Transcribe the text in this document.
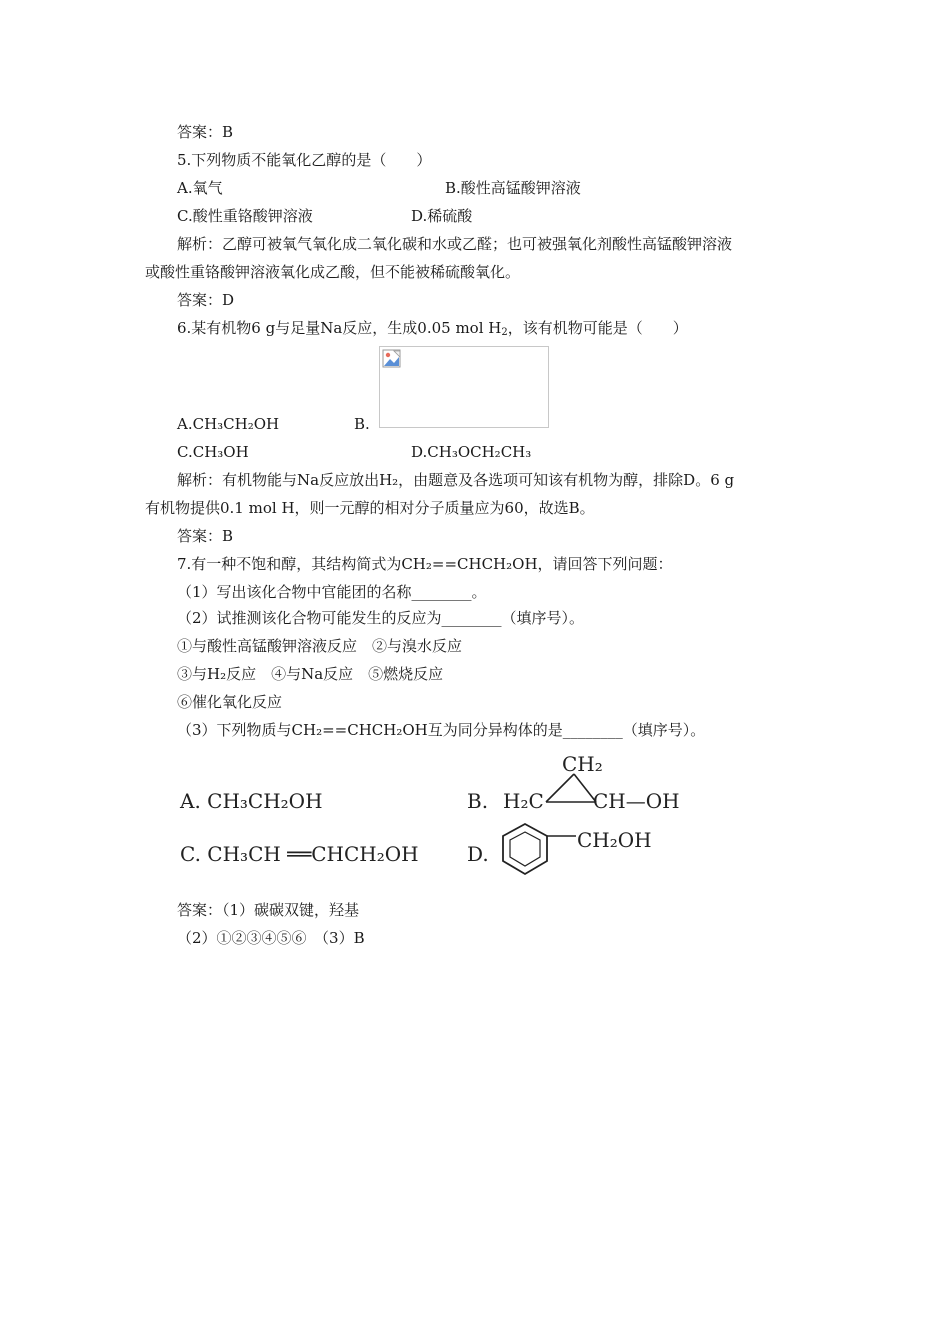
答案：B
5.下列物质不能氧化乙醇的是（　　）
A.氧气	B.酸性高锰酸钾溶液
C.酸性重铬酸钾溶液	D.稀硫酸
解析：乙醇可被氧气氧化成二氧化碳和水或乙醛；也可被强氧化剂酸性高锰酸钾溶液
或酸性重铬酸钾溶液氧化成乙酸，但不能被稀硫酸氧化。
答案：D
6.某有机物6 g与足量Na反应，生成0.05 mol $H_2$，该有机物可能是（　　）
A.CH₃CH₂OH	B.
C.CH₃OH	D.CH₃OCH₂CH₃
解析：有机物能与Na反应放出H₂，由题意及各选项可知该有机物为醇，排除D。6 g
有机物提供0.1 mol H，则一元醇的相对分子质量应为60，故选B。
答案：B
7.有一种不饱和醇，其结构简式为CH₂==CHCH₂OH，请回答下列问题：
（1）写出该化合物中官能团的名称________。
（2）试推测该化合物可能发生的反应为________（填序号）。
①与酸性高锰酸钾溶液反应　②与溴水反应
③与H₂反应　④与Na反应　⑤燃烧反应
⑥催化氧化反应
（3）下列物质与CH₂==CHCH₂OH互为同分异构体的是________（填序号）。
A. CH₃CH₂OH	B.
CH₂
H₂C CH—OH
C. CH₃CH ══CHCH₂OH D.
CH₂OH
答案：（1）碳碳双键，羟基
（2）①②③④⑤⑥　（3）B
